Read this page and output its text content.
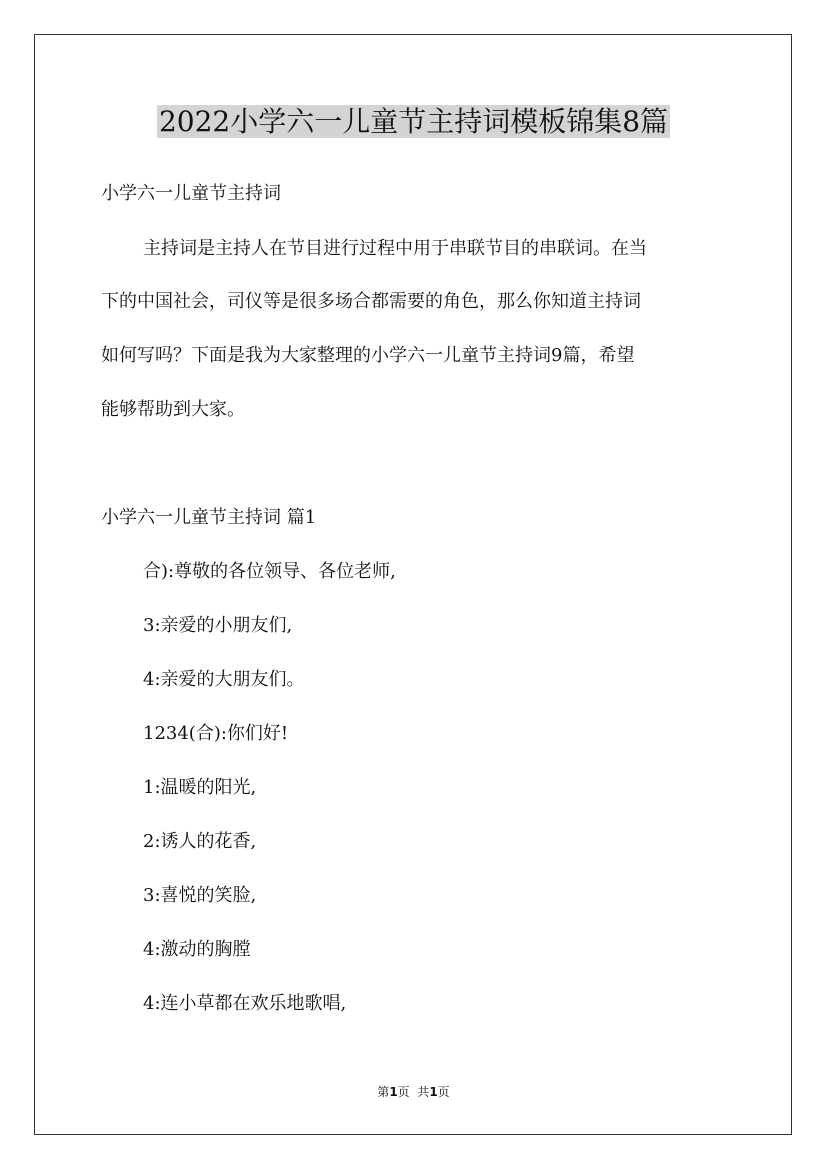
2022小学六一儿童节主持词模板锦集8篇
小学六一儿童节主持词
主持词是主持人在节目进行过程中用于串联节目的串联词。在当
下的中国社会，司仪等是很多场合都需要的角色，那么你知道主持词
如何写吗？下面是我为大家整理的小学六一儿童节主持词9篇，希望
能够帮助到大家。
小学六一儿童节主持词 篇1
合):尊敬的各位领导、各位老师,
3:亲爱的小朋友们,
4:亲爱的大朋友们。
1234(合):你们好!
1:温暖的阳光,
2:诱人的花香,
3:喜悦的笑脸,
4:激动的胸膛
4:连小草都在欢乐地歌唱,
第1页  共1页
